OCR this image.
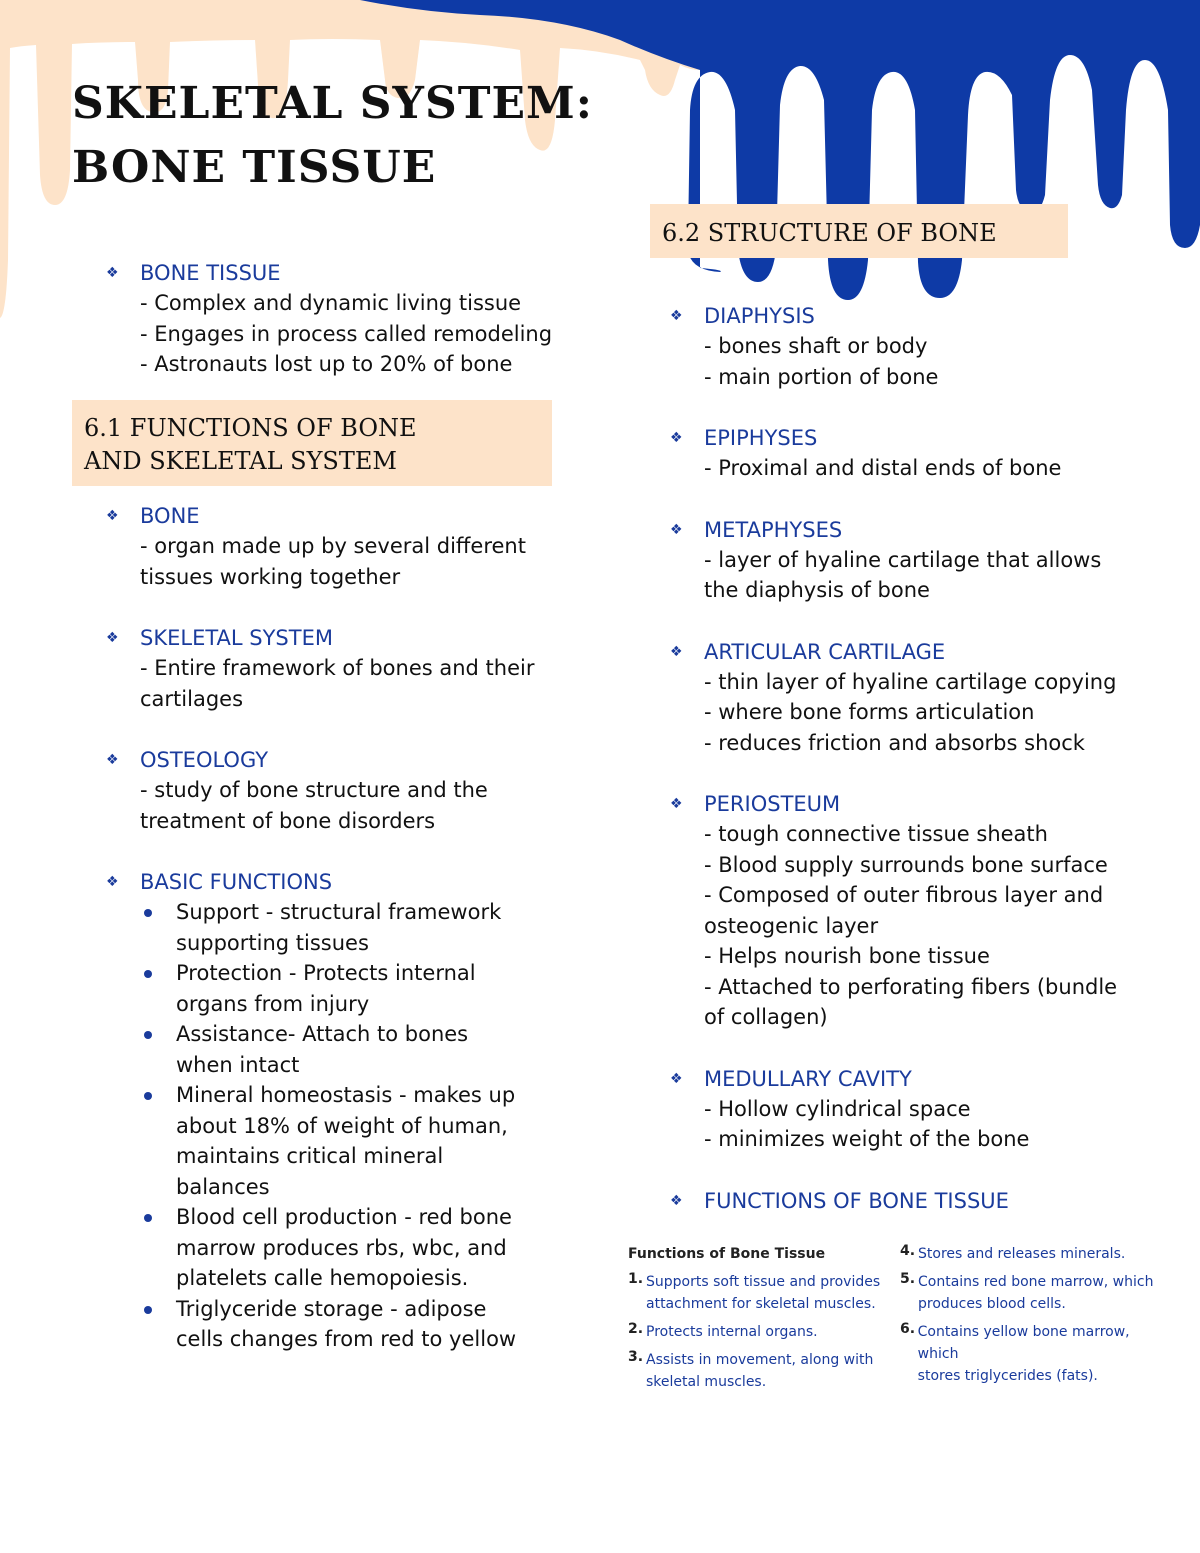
SKELETAL SYSTEM:
BONE TISSUE
❖	BONE TISSUE
- Complex and dynamic living tissue
- Engages in process called remodeling
- Astronauts lost up to 20% of bone
6.1 FUNCTIONS OF BONE
AND SKELETAL SYSTEM
❖	BONE
- organ made up by several different
tissues working together
❖	SKELETAL SYSTEM
- Entire framework of bones and their
cartilages
❖	OSTEOLOGY
- study of bone structure and the
treatment of bone disorders
❖	BASIC FUNCTIONS
Support - structural framework
supporting tissues
Protection - Protects internal
organs from injury
Assistance- Attach to bones
when intact
Mineral homeostasis - makes up
about 18% of weight of human,
maintains critical mineral
balances
Blood cell production - red bone
marrow produces rbs, wbc, and
platelets calle hemopoiesis.
Triglyceride storage - adipose
cells changes from red to yellow
6.2 STRUCTURE OF BONE
❖	DIAPHYSIS
- bones shaft or body
- main portion of bone
❖	EPIPHYSES
- Proximal and distal ends of bone
❖	METAPHYSES
- layer of hyaline cartilage that allows
the diaphysis of bone
❖	ARTICULAR CARTILAGE
- thin layer of hyaline cartilage copying
- where bone forms articulation
- reduces friction and absorbs shock
❖	PERIOSTEUM
- tough connective tissue sheath
- Blood supply surrounds bone surface
- Composed of outer fibrous layer and
osteogenic layer
- Helps nourish bone tissue
- Attached to perforating fibers (bundle
of collagen)
❖	MEDULLARY CAVITY
- Hollow cylindrical space
- minimizes weight of the bone
❖	FUNCTIONS OF BONE TISSUE
Functions of Bone Tissue
1. Supports soft tissue and provides
attachment for skeletal muscles.
2. Protects internal organs.
3. Assists in movement, along with
skeletal muscles.
4. Stores and releases minerals.
5. Contains red bone marrow, which
produces blood cells.
6. Contains yellow bone marrow, which
stores triglycerides (fats).
